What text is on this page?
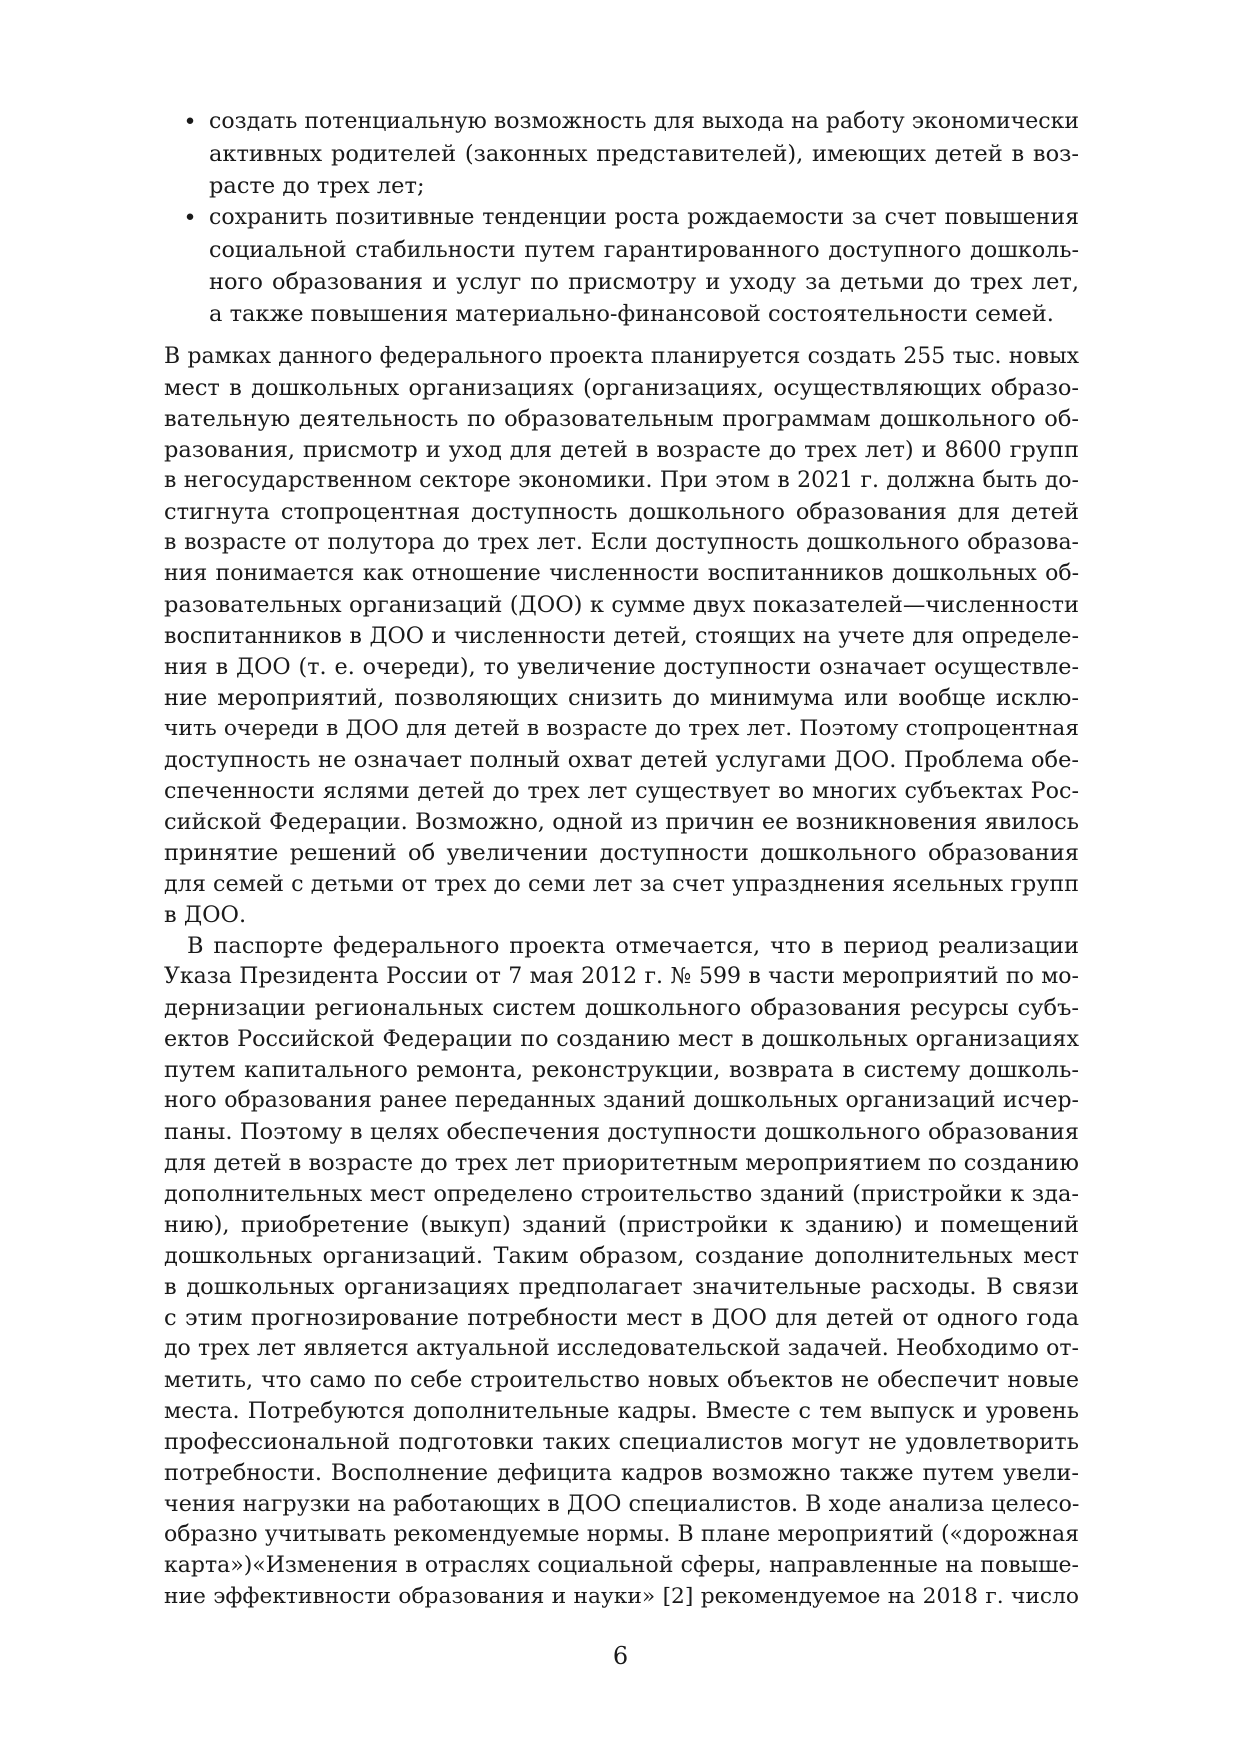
• создать потенциальную возможность для выхода на работу экономически
активных родителей (законных представителей), имеющих детей в воз-
расте до трех лет;
• сохранить позитивные тенденции роста рождаемости за счет повышения
социальной стабильности путем гарантированного доступного дошколь-
ного образования и услуг по присмотру и уходу за детьми до трех лет,
а также повышения материально-финансовой состоятельности семей.
В рамках данного федерального проекта планируется создать 255 тыс. новых
мест в дошкольных организациях (организациях, осуществляющих образо-
вательную деятельность по образовательным программам дошкольного об-
разования, присмотр и уход для детей в возрасте до трех лет) и 8600 групп
в негосударственном секторе экономики. При этом в 2021 г. должна быть до-
стигнута стопроцентная доступность дошкольного образования для детей
в возрасте от полутора до трех лет. Если доступность дошкольного образова-
ния понимается как отношение численности воспитанников дошкольных об-
разовательных организаций (ДОО) к сумме двух показателей—численности
воспитанников в ДОО и численности детей, стоящих на учете для определе-
ния в ДОО (т. е. очереди), то увеличение доступности означает осуществле-
ние мероприятий, позволяющих снизить до минимума или вообще исклю-
чить очереди в ДОО для детей в возрасте до трех лет. Поэтому стопроцентная
доступность не означает полный охват детей услугами ДОО. Проблема обе-
спеченности яслями детей до трех лет существует во многих субъектах Рос-
сийской Федерации. Возможно, одной из причин ее возникновения явилось
принятие решений об увеличении доступности дошкольного образования
для семей с детьми от трех до семи лет за счет упразднения ясельных групп
в ДОО.
В паспорте федерального проекта отмечается, что в период реализации
Указа Президента России от 7 мая 2012 г. № 599 в части мероприятий по мо-
дернизации региональных систем дошкольного образования ресурсы субъ-
ектов Российской Федерации по созданию мест в дошкольных организациях
путем капитального ремонта, реконструкции, возврата в систему дошколь-
ного образования ранее переданных зданий дошкольных организаций исчер-
паны. Поэтому в целях обеспечения доступности дошкольного образования
для детей в возрасте до трех лет приоритетным мероприятием по созданию
дополнительных мест определено строительство зданий (пристройки к зда-
нию), приобретение (выкуп) зданий (пристройки к зданию) и помещений
дошкольных организаций. Таким образом, создание дополнительных мест
в дошкольных организациях предполагает значительные расходы. В связи
с этим прогнозирование потребности мест в ДОО для детей от одного года
до трех лет является актуальной исследовательской задачей. Необходимо от-
метить, что само по себе строительство новых объектов не обеспечит новые
места. Потребуются дополнительные кадры. Вместе с тем выпуск и уровень
профессиональной подготовки таких специалистов могут не удовлетворить
потребности. Восполнение дефицита кадров возможно также путем увели-
чения нагрузки на работающих в ДОО специалистов. В ходе анализа целесо-
образно учитывать рекомендуемые нормы. В плане мероприятий («дорожная
карта»)«Изменения в отраслях социальной сферы, направленные на повыше-
ние эффективности образования и науки» [2] рекомендуемое на 2018 г. число
6
